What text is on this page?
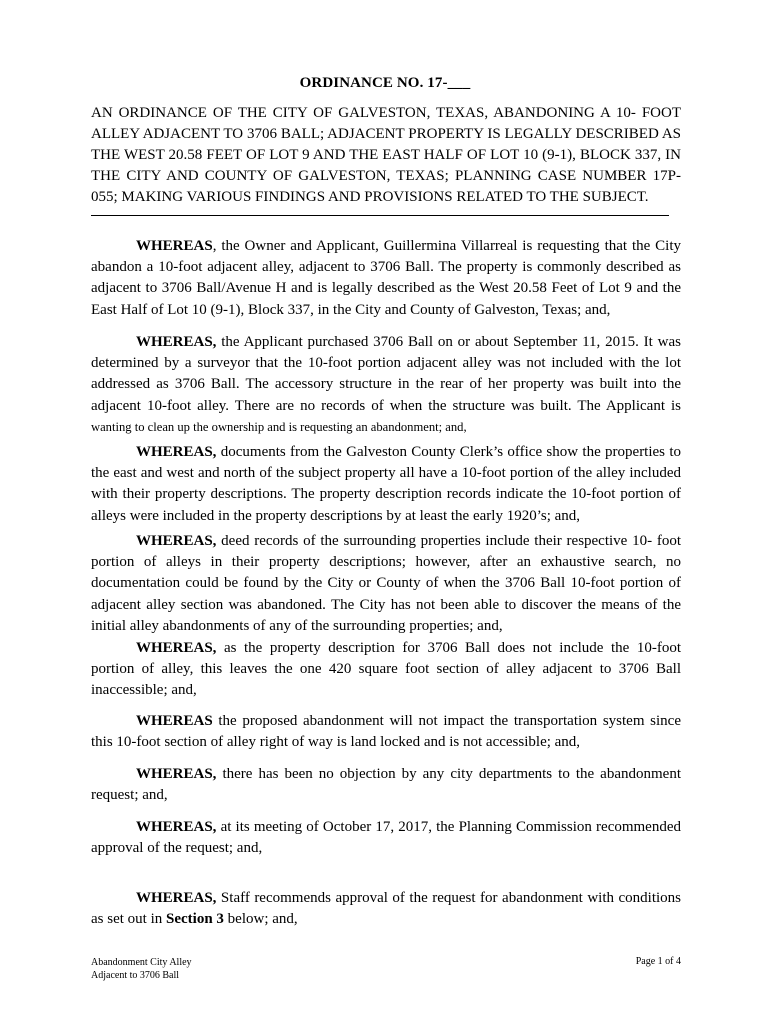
ORDINANCE NO. 17-___
AN ORDINANCE OF THE CITY OF GALVESTON, TEXAS, ABANDONING A 10- FOOT ALLEY ADJACENT TO 3706 BALL; ADJACENT PROPERTY IS LEGALLY DESCRIBED AS THE WEST 20.58 FEET OF LOT 9 AND THE EAST HALF OF LOT 10 (9-1), BLOCK 337, IN THE CITY AND COUNTY OF GALVESTON, TEXAS; PLANNING CASE NUMBER 17P-055; MAKING VARIOUS FINDINGS AND PROVISIONS RELATED TO THE SUBJECT.

WHEREAS, the Owner and Applicant, Guillermina Villarreal is requesting that the City abandon a 10-foot adjacent alley, adjacent to 3706 Ball. The property is commonly described as adjacent to 3706 Ball/Avenue H and is legally described as the West 20.58 Feet of Lot 9 and the East Half of Lot 10 (9-1), Block 337, in the City and County of Galveston, Texas; and,

WHEREAS, the Applicant purchased 3706 Ball on or about September 11, 2015. It was determined by a surveyor that the 10-foot portion adjacent alley was not included with the lot addressed as 3706 Ball. The accessory structure in the rear of her property was built into the adjacent 10-foot alley. There are no records of when the structure was built. The Applicant is wanting to clean up the ownership and is requesting an abandonment; and,

WHEREAS, documents from the Galveston County Clerk’s office show the properties to the east and west and north of the subject property all have a 10-foot portion of the alley included with their property descriptions. The property description records indicate the 10-foot portion of alleys were included in the property descriptions by at least the early 1920’s; and,

WHEREAS, deed records of the surrounding properties include their respective 10- foot portion of alleys in their property descriptions; however, after an exhaustive search, no documentation could be found by the City or County of when the 3706 Ball 10-foot portion of adjacent alley section was abandoned. The City has not been able to discover the means of the initial alley abandonments of any of the surrounding properties; and,

WHEREAS, as the property description for 3706 Ball does not include the 10-foot portion of alley, this leaves the one 420 square foot section of alley adjacent to 3706 Ball inaccessible; and,

WHEREAS the proposed abandonment will not impact the transportation system since this 10-foot section of alley right of way is land locked and is not accessible; and,

WHEREAS, there has been no objection by any city departments to the abandonment request; and,

WHEREAS, at its meeting of October 17, 2017, the Planning Commission recommended approval of the request; and,

WHEREAS, Staff recommends approval of the request for abandonment with conditions as set out in Section 3 below; and,

Abandonment City Alley
Adjacent to 3706 Ball
Page 1 of 4
